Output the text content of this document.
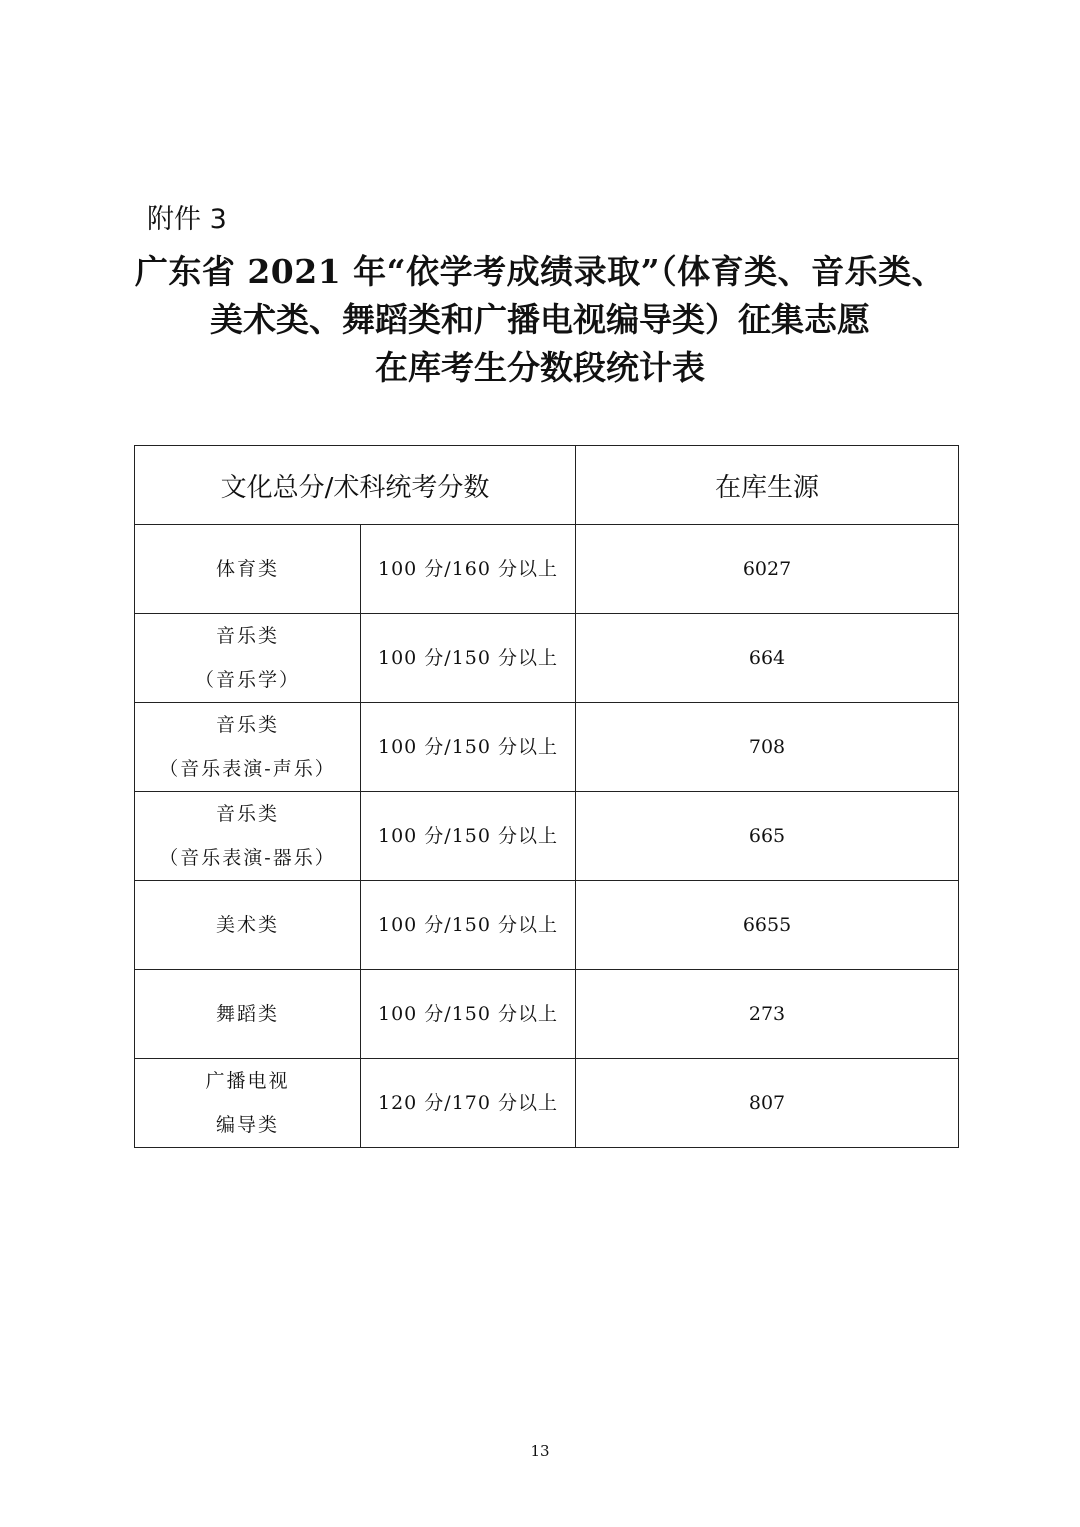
附件 3
广东省 2021 年“依学考成绩录取”（体育类、音乐类、
美术类、舞蹈类和广播电视编导类）征集志愿
在库考生分数段统计表
文化总分/术科统考分数		在库生源

体育类	100 分/160 分以上	6027

音乐类
（音乐学）	100 分/150 分以上	664

音乐类
（音乐表演-声乐）	100 分/150 分以上	708

音乐类
（音乐表演-器乐）	100 分/150 分以上	665

美术类	100 分/150 分以上	6655

舞蹈类	100 分/150 分以上	273

广播电视
编导类	120 分/170 分以上	807
13
